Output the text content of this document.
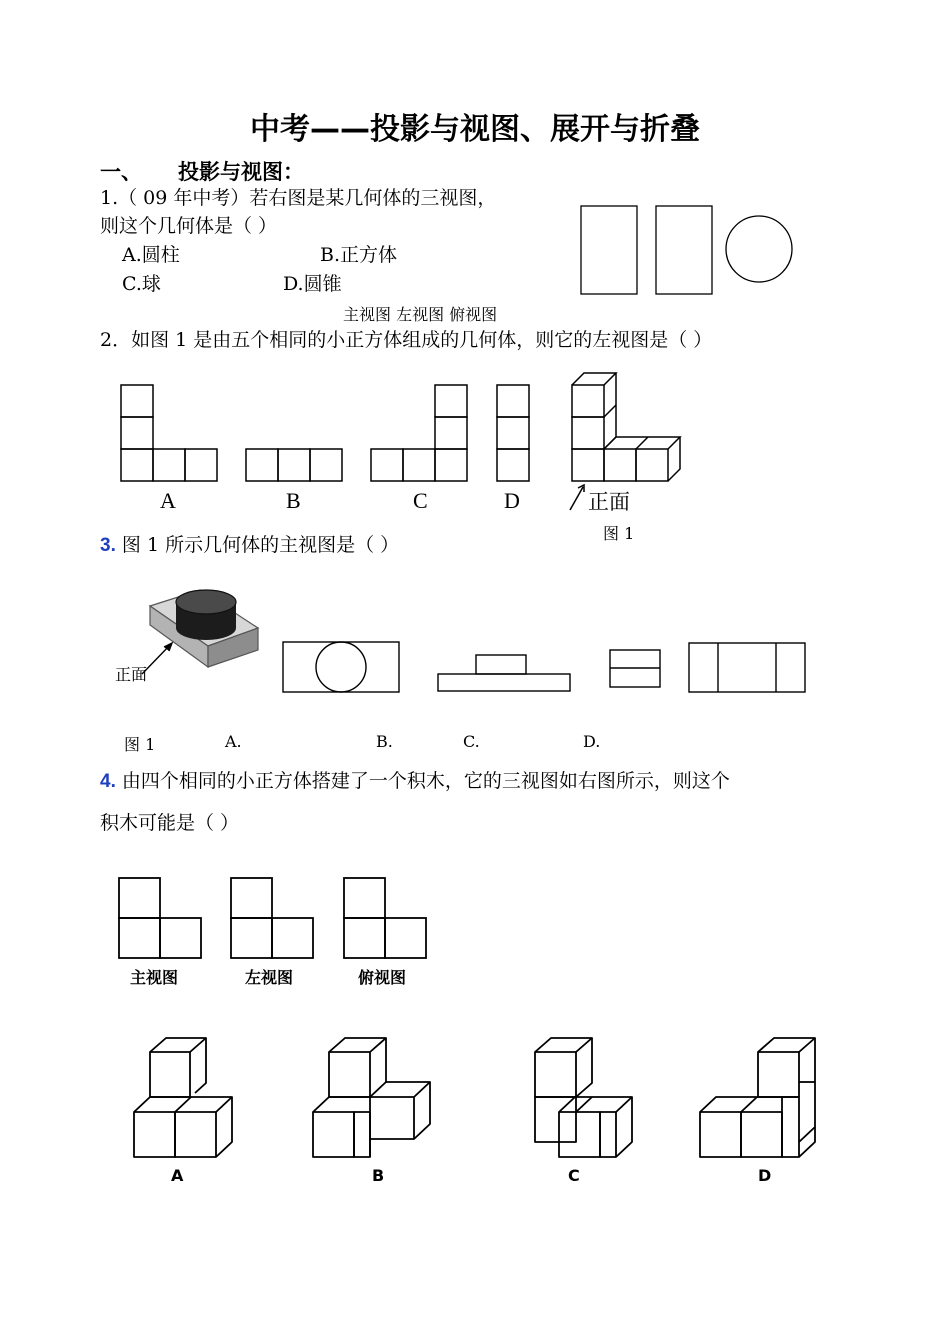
中考——投影与视图、展开与折叠
一、 投影与视图：
1.（ 09 年中考）若右图是某几何体的三视图，
则这个几何体是（ ）
A.圆柱	B.正方体
C.球	D.圆锥
主视图 左视图 俯视图
2．如图 1 是由五个相同的小正方体组成的几何体，则它的左视图是（ ）
A	B	C	D	正面
图 1
3. 图 1 所示几何体的主视图是（ ）
正面
图 1	A.	B.	C.	D.
4. 由四个相同的小正方体搭建了一个积木，它的三视图如右图所示，则这个
积木可能是（ ）
主视图	左视图	俯视图
A	B	C	D
